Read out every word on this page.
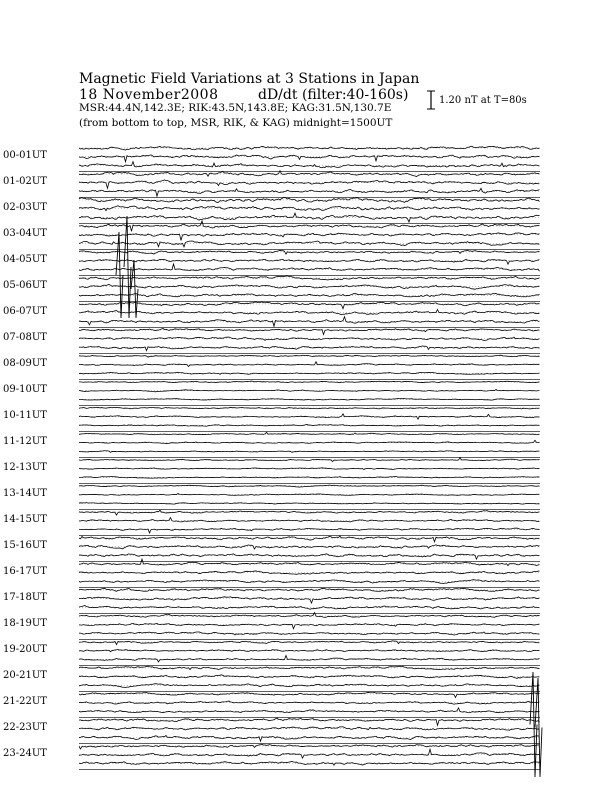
Magnetic Field Variations at 3 Stations in Japan
18 November2008	dD/dt (filter:40-160s)
MSR:44.4N,142.3E; RIK:43.5N,143.8E; KAG:31.5N,130.7E
(from bottom to top, MSR, RIK, & KAG) midnight=1500UT
1.20 nT at T=80s
00-01UT
01-02UT
02-03UT
03-04UT
04-05UT
05-06UT
06-07UT
07-08UT
08-09UT
09-10UT
10-11UT
11-12UT
12-13UT
13-14UT
14-15UT
15-16UT
16-17UT
17-18UT
18-19UT
19-20UT
20-21UT
21-22UT
22-23UT
23-24UT
